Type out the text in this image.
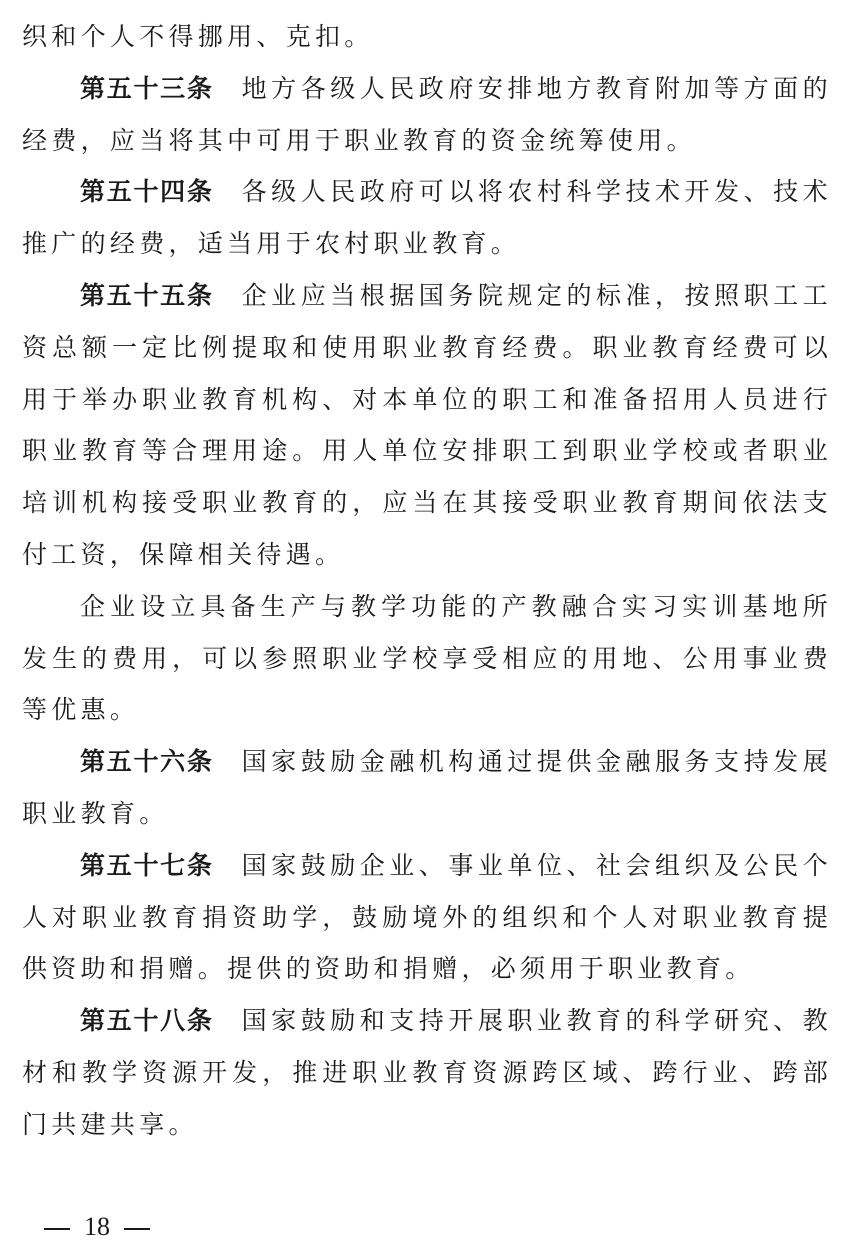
织和个人不得挪用、克扣。

第五十三条 地方各级人民政府安排地方教育附加等方面的经费，应当将其中可用于职业教育的资金统筹使用。

第五十四条 各级人民政府可以将农村科学技术开发、技术推广的经费，适当用于农村职业教育。

第五十五条 企业应当根据国务院规定的标准，按照职工工资总额一定比例提取和使用职业教育经费。职业教育经费可以用于举办职业教育机构、对本单位的职工和准备招用人员进行职业教育等合理用途。用人单位安排职工到职业学校或者职业培训机构接受职业教育的，应当在其接受职业教育期间依法支付工资，保障相关待遇。

企业设立具备生产与教学功能的产教融合实习实训基地所发生的费用，可以参照职业学校享受相应的用地、公用事业费等优惠。

第五十六条 国家鼓励金融机构通过提供金融服务支持发展职业教育。

第五十七条 国家鼓励企业、事业单位、社会组织及公民个人对职业教育捐资助学，鼓励境外的组织和个人对职业教育提供资助和捐赠。提供的资助和捐赠，必须用于职业教育。

第五十八条 国家鼓励和支持开展职业教育的科学研究、教材和教学资源开发，推进职业教育资源跨区域、跨行业、跨部门共建共享。

18
